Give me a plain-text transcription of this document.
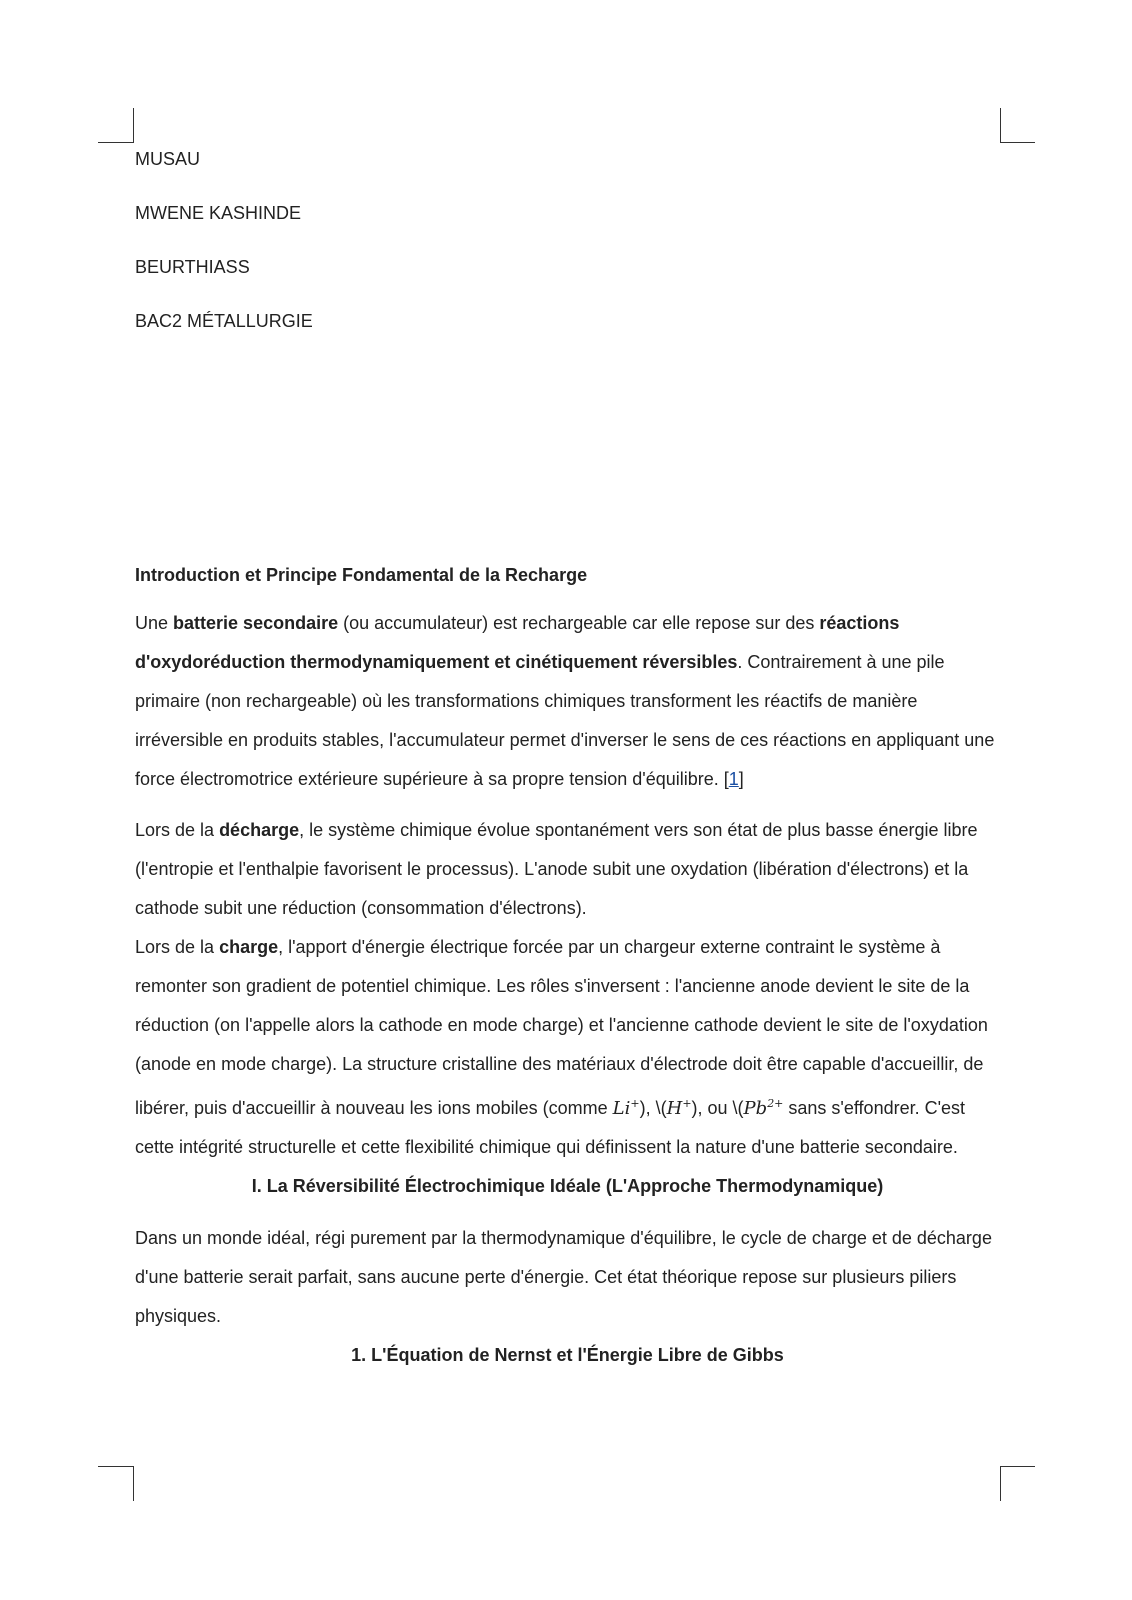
MUSAU

MWENE KASHINDE

BEURTHIASS

BAC2 MÉTALLURGIE

Introduction et Principe Fondamental de la Recharge

Une batterie secondaire (ou accumulateur) est rechargeable car elle repose sur des réactions d'oxydoréduction thermodynamiquement et cinétiquement réversibles. Contrairement à une pile primaire (non rechargeable) où les transformations chimiques transforment les réactifs de manière irréversible en produits stables, l'accumulateur permet d'inverser le sens de ces réactions en appliquant une force électromotrice extérieure supérieure à sa propre tension d'équilibre. [1]

Lors de la décharge, le système chimique évolue spontanément vers son état de plus basse énergie libre (l'entropie et l'enthalpie favorisent le processus). L'anode subit une oxydation (libération d'électrons) et la cathode subit une réduction (consommation d'électrons).

Lors de la charge, l'apport d'énergie électrique forcée par un chargeur externe contraint le système à remonter son gradient de potentiel chimique. Les rôles s'inversent : l'ancienne anode devient le site de la réduction (on l'appelle alors la cathode en mode charge) et l'ancienne cathode devient le site de l'oxydation (anode en mode charge). La structure cristalline des matériaux d'électrode doit être capable d'accueillir, de libérer, puis d'accueillir à nouveau les ions mobiles (comme Li+), \(H+), ou $\backslash(Pb^{2+}$ sans s'effondrer. C'est cette intégrité structurelle et cette flexibilité chimique qui définissent la nature d'une batterie secondaire.

I. La Réversibilité Électrochimique Idéale (L'Approche Thermodynamique)

Dans un monde idéal, régi purement par la thermodynamique d'équilibre, le cycle de charge et de décharge d'une batterie serait parfait, sans aucune perte d'énergie. Cet état théorique repose sur plusieurs piliers physiques.

1. L'Équation de Nernst et l'Énergie Libre de Gibbs
